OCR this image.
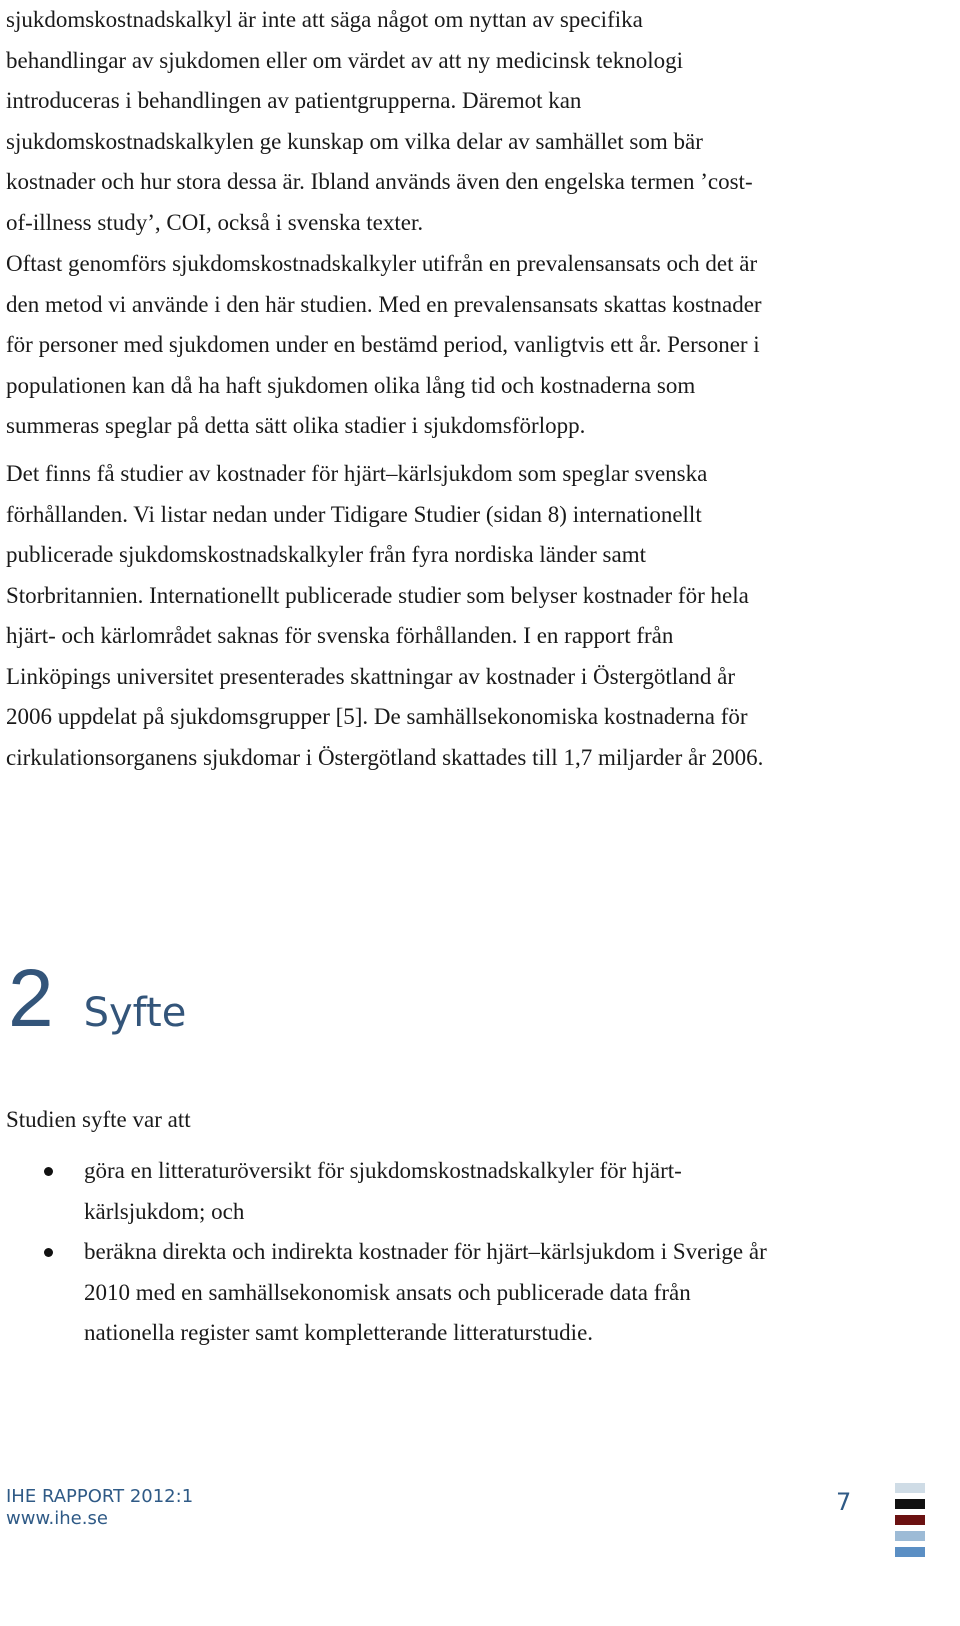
sjukdomskostnadskalkyl är inte att säga något om nyttan av specifika
behandlingar av sjukdomen eller om värdet av att ny medicinsk teknologi
introduceras i behandlingen av patientgrupperna. Däremot kan
sjukdomskostnadskalkylen ge kunskap om vilka delar av samhället som bär
kostnader och hur stora dessa är. Ibland används även den engelska termen ’cost-
of-illness study’, COI, också i svenska texter.

Oftast genomförs sjukdomskostnadskalkyler utifrån en prevalensansats och det är
den metod vi använde i den här studien. Med en prevalensansats skattas kostnader
för personer med sjukdomen under en bestämd period, vanligtvis ett år. Personer i
populationen kan då ha haft sjukdomen olika lång tid och kostnaderna som
summeras speglar på detta sätt olika stadier i sjukdomsförlopp.

Det finns få studier av kostnader för hjärt–kärlsjukdom som speglar svenska
förhållanden. Vi listar nedan under Tidigare Studier (sidan 8) internationellt
publicerade sjukdomskostnadskalkyler från fyra nordiska länder samt
Storbritannien. Internationellt publicerade studier som belyser kostnader för hela
hjärt- och kärlområdet saknas för svenska förhållanden. I en rapport från
Linköpings universitet presenterades skattningar av kostnader i Östergötland år
2006 uppdelat på sjukdomsgrupper [5]. De samhällsekonomiska kostnaderna för
cirkulationsorganens sjukdomar i Östergötland skattades till 1,7 miljarder år 2006.

2 Syfte

Studien syfte var att

göra en litteraturöversikt för sjukdomskostnadskalkyler för hjärt-
kärlsjukdom; och
beräkna direkta och indirekta kostnader för hjärt–kärlsjukdom i Sverige år
2010 med en samhällsekonomisk ansats och publicerade data från
nationella register samt kompletterande litteraturstudie.
IHE RAPPORT 2012:1
www.ihe.se
7
